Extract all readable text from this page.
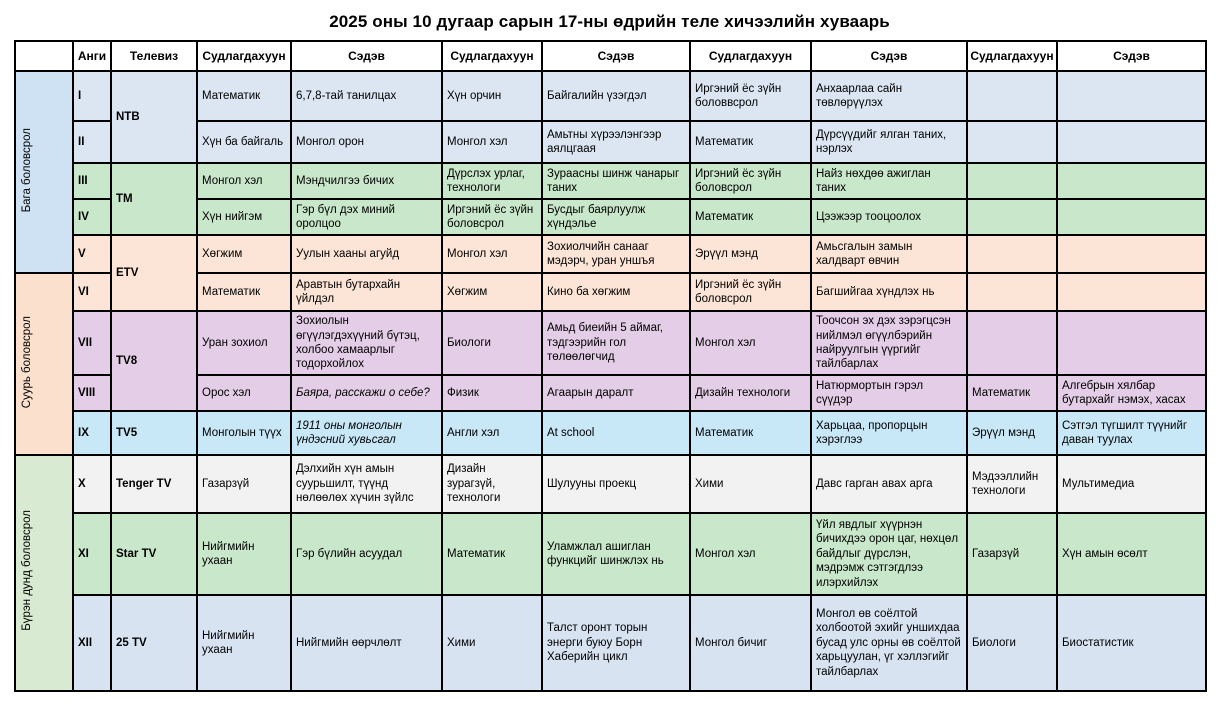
2025 оны 10 дугаар сарын 17-ны өдрийн теле хичээлийн хуваарь
	Анги	Телевиз	Судлагдахуун	Сэдэв	Судлагдахуун	Сэдэв	Судлагдахуун	Сэдэв	Судлагдахуун	Сэдэв
Бага боловсрол	I	NTB	Математик	6,7,8-тай танилцах	Хүн орчин	Байгалийн үзэгдэл	Иргэний ёс зүйн боловвсрол	Анхаарлаа сайн төвлөрүүлэх		
	II		Хүн ба байгаль	Монгол орон	Монгол хэл	Амьтны хүрээлэнгээр аялцгаая	Математик	Дүрсүүдийг ялган таних, нэрлэх		
	III	TM	Монгол хэл	Мэндчилгээ бичих	Дүрслэх урлаг, технологи	Зураасны шинж чанарыг таних	Иргэний ёс зүйн боловсрол	Найз нөхдөө ажиглан таних		
	IV		Хүн нийгэм	Гэр бүл дэх миний оролцоо	Иргэний ёс зүйн боловсрол	Бусдыг баярлуулж хүндэлье	Математик	Цээжээр тооцоолох		
	V	ETV	Хөгжим	Уулын хааны агуйд	Монгол хэл	Зохиолчийн санааг мэдэрч, уран уншъя	Эрүүл мэнд	Амьсгалын замын халдварт өвчин		
Суурь боловсрол	VI		Математик	Аравтын бутархайн үйлдэл	Хөгжим	Кино ба хөгжим	Иргэний ёс зүйн боловсрол	Багшийгаа хүндлэх нь		
	VII	TV8	Уран зохиол	Зохиолын өгүүлэгдэхүүний бүтэц, холбоо хамаарлыг тодорхойлох	Биологи	Амьд биеийн 5 аймаг, тэдгээрийн гол төлөөлөгчид	Монгол хэл	Тоочсон эх дэх зэрэгцсэн нийлмэл өгүүлбэрийн найруулгын үүргийг тайлбарлах		
	VIII		Орос хэл	Баяра, расскажи о себе?	Физик	Агаарын даралт	Дизайн технологи	Натюрмортын гэрэл сүүдэр	Математик	Алгебрын хялбар бутархайг нэмэх, хасах
	IX	TV5	Монголын түүх	1911 оны монголын үндэсний хувьсгал	Англи хэл	At school	Математик	Харьцаа, пропорцын хэрэглээ	Эрүүл мэнд	Сэтгэл түгшилт түүнийг даван туулах
Бүрэн дунд боловсрол	X	Tenger TV	Газарзүй	Дэлхийн хүн амын суурьшилт, түүнд нөлөөлөх хүчин зүйлс	Дизайн зурагзүй, технологи	Шулууны проекц	Хими	Давс гарган авах арга	Мэдээллийн технологи	Мультимедиа
	XI	Star TV	Нийгмийн ухаан	Гэр бүлийн асуудал	Математик	Уламжлал ашиглан функцийг шинжлэх нь	Монгол хэл	Үйл явдлыг хүүрнэн бичихдээ орон цаг, нөхцөл байдлыг дүрслэн, мэдрэмж сэтгэгдлээ илэрхийлэх	Газарзүй	Хүн амын өсөлт
	XII	25 TV	Нийгмийн ухаан	Нийгмийн өөрчлөлт	Хими	Талст оронт торын энерги буюу Борн Хаберийн цикл	Монгол бичиг	Монгол өв соёлтой холбоотой эхийг уншихдаа бусад улс орны өв соёлтой харьцуулан, үг хэллэгийг тайлбарлах	Биологи	Биостатистик
